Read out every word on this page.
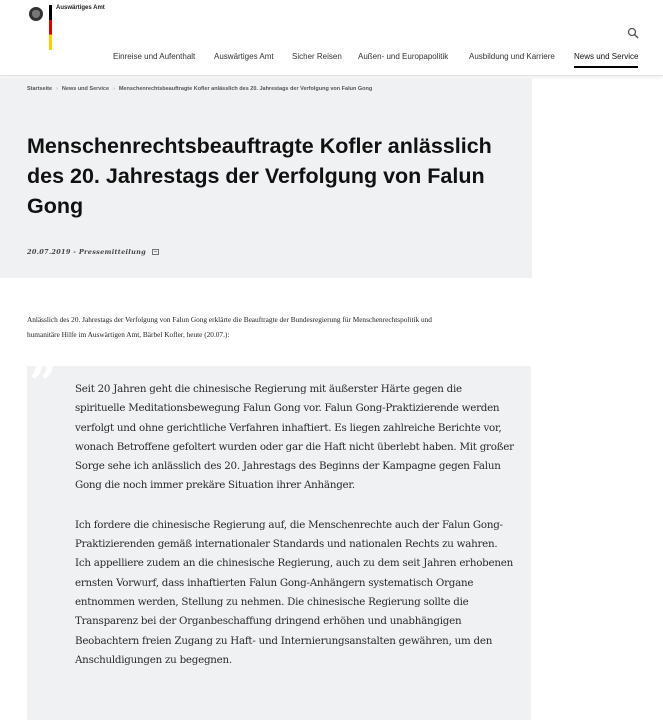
Auswärtiges Amt
Einreise und Aufenthalt Auswärtiges Amt Sicher Reisen Außen- und Europapolitik	Ausbildung und Karriere News und Service
Startseite › News und Service › Menschenrechtsbeauftragte Kofler anlässlich des 20. Jahrestags der Verfolgung von Falun Gong
Menschenrechtsbeauftragte Kofler anlässlich des 20. Jahrestags der Verfolgung von Falun Gong
20.07.2019 - Pressemitteilung

Anlässlich des 20. Jahrestags der Verfolgung von Falun Gong erklärte die Beauftragte der Bundesregierung für Menschenrechtspolitik und humanitäre Hilfe im Auswärtigen Amt, Bärbel Kofler, heute (20.07.):

” Seit 20 Jahren geht die chinesische Regierung mit äußerster Härte gegen die spirituelle Meditationsbewegung Falun Gong vor. Falun Gong-Praktizierende werden verfolgt und ohne gerichtliche Verfahren inhaftiert. Es liegen zahlreiche Berichte vor, wonach Betroffene gefoltert wurden oder gar die Haft nicht überlebt haben. Mit großer Sorge sehe ich anlässlich des 20. Jahrestags des Beginns der Kampagne gegen Falun Gong die noch immer prekäre Situation ihrer Anhänger.

Ich fordere die chinesische Regierung auf, die Menschenrechte auch der Falun Gong-Praktizierenden gemäß internationaler Standards und nationalen Rechts zu wahren. Ich appelliere zudem an die chinesische Regierung, auch zu dem seit Jahren erhobenen ernsten Vorwurf, dass inhaftierten Falun Gong-Anhängern systematisch Organe entnommen werden, Stellung zu nehmen. Die chinesische Regierung sollte die Transparenz bei der Organbeschaffung dringend erhöhen und unabhängigen Beobachtern freien Zugang zu Haft- und Internierungsanstalten gewähren, um den Anschuldigungen zu begegnen.
